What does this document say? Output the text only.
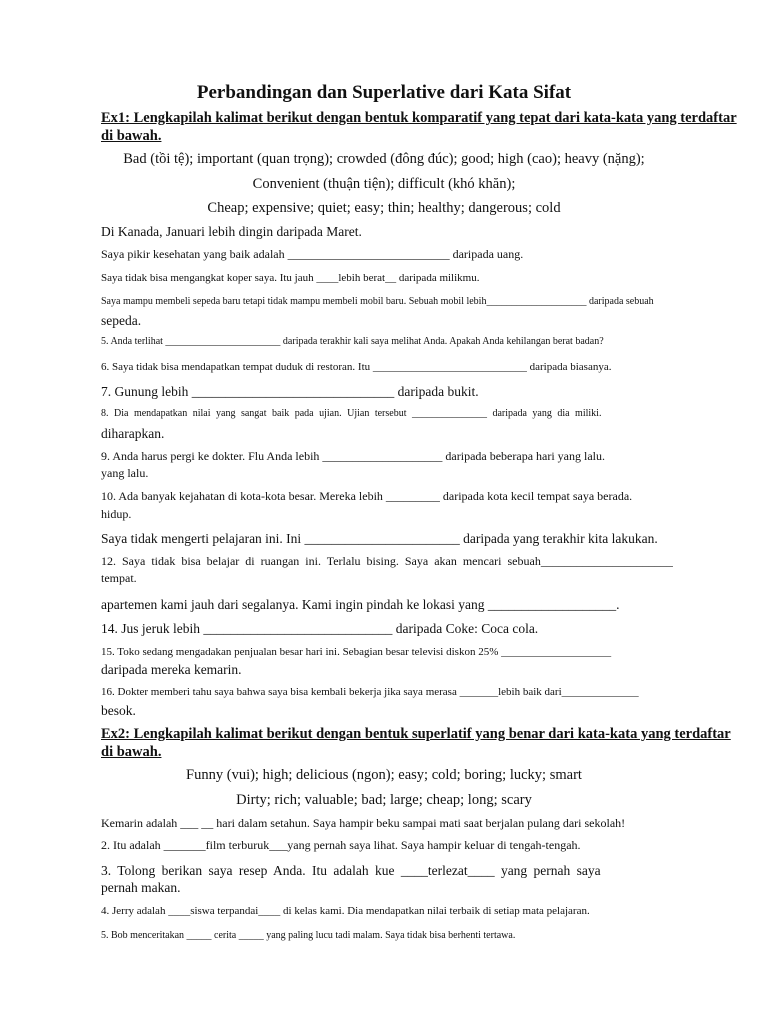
Perbandingan dan Superlative dari Kata Sifat
Ex1: Lengkapilah kalimat berikut dengan bentuk komparatif yang tepat dari kata-kata yang terdaftar
di bawah.
Bad (tồi tệ); important (quan trọng); crowded (đông đúc); good; high (cao); heavy (nặng);
Convenient (thuận tiện); difficult (khó khăn);
Cheap; expensive; quiet; easy; thin; healthy; dangerous; cold
Di Kanada, Januari lebih dingin daripada Maret.
Saya pikir kesehatan yang baik adalah ___________________________ daripada uang.
Saya tidak bisa mengangkat koper saya. Itu jauh ____lebih berat__ daripada milikmu.
Saya mampu membeli sepeda baru tetapi tidak mampu membeli mobil baru. Sebuah mobil lebih____________________ daripada sebuah
sepeda.
5. Anda terlihat _______________________ daripada terakhir kali saya melihat Anda. Apakah Anda kehilangan berat badan?
6. Saya tidak bisa mendapatkan tempat duduk di restoran. Itu ____________________________ daripada biasanya.
7. Gunung lebih ______________________________ daripada bukit.
8. Dia mendapatkan nilai yang sangat baik pada ujian. Ujian tersebut _______________ daripada yang dia miliki.
diharapkan.
9. Anda harus pergi ke dokter. Flu Anda lebih ____________________ daripada beberapa hari yang lalu.
yang lalu.
10. Ada banyak kejahatan di kota-kota besar. Mereka lebih _________ daripada kota kecil tempat saya berada.
hidup.
Saya tidak mengerti pelajaran ini. Ini _______________________ daripada yang terakhir kita lakukan.
12. Saya tidak bisa belajar di ruangan ini. Terlalu bising. Saya akan mencari sebuah______________________
tempat.
apartemen kami jauh dari segalanya. Kami ingin pindah ke lokasi yang ___________________.
14. Jus jeruk lebih ____________________________ daripada Coke: Coca cola.
15. Toko sedang mengadakan penjualan besar hari ini. Sebagian besar televisi diskon 25% ____________________
daripada mereka kemarin.
16. Dokter memberi tahu saya bahwa saya bisa kembali bekerja jika saya merasa _______lebih baik dari______________
besok.
Ex2: Lengkapilah kalimat berikut dengan bentuk superlatif yang benar dari kata-kata yang terdaftar
di bawah.
Funny (vui); high; delicious (ngon); easy; cold; boring; lucky; smart
Dirty; rich; valuable; bad; large; cheap; long; scary
Kemarin adalah ___ __ hari dalam setahun. Saya hampir beku sampai mati saat berjalan pulang dari sekolah!
2. Itu adalah _______film terburuk___yang pernah saya lihat. Saya hampir keluar di tengah-tengah.
3. Tolong berikan saya resep Anda. Itu adalah kue ____terlezat____ yang pernah saya
pernah makan.
4. Jerry adalah ____siswa terpandai____ di kelas kami. Dia mendapatkan nilai terbaik di setiap mata pelajaran.
5. Bob menceritakan _____ cerita _____ yang paling lucu tadi malam. Saya tidak bisa berhenti tertawa.
